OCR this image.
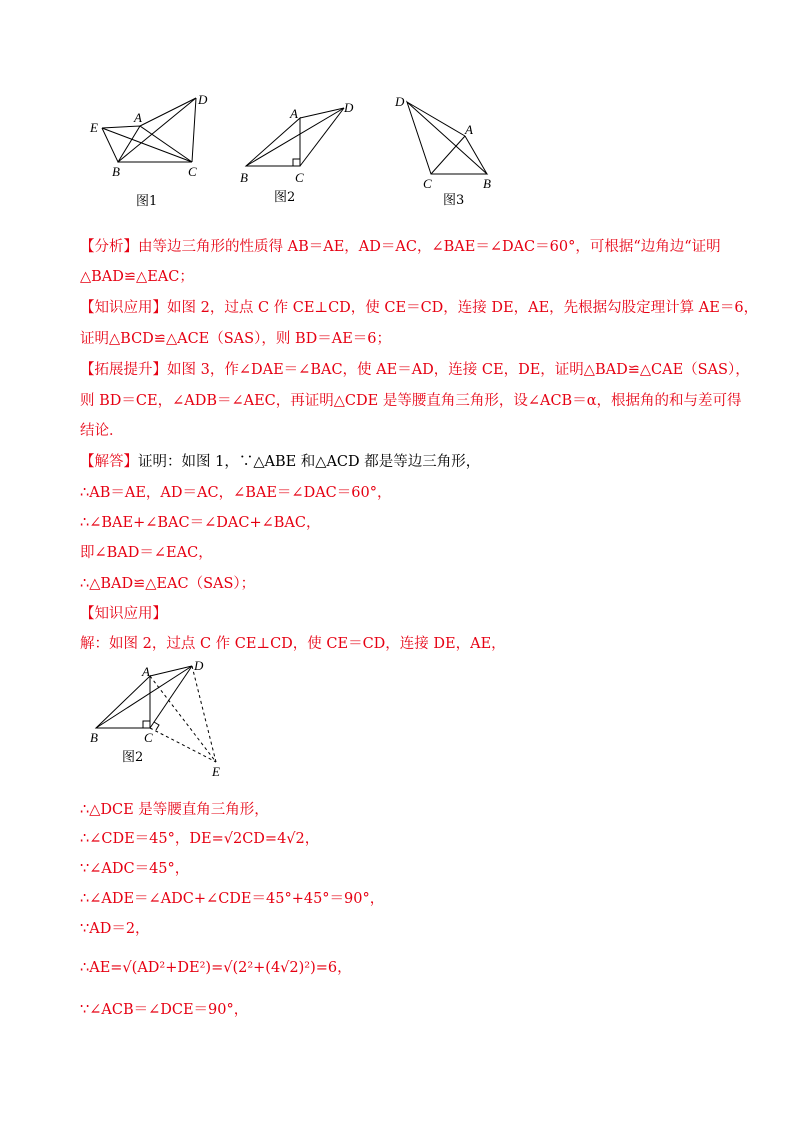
E
A
D
B	C
图1
A	D
B	C
图2
D
A
C	B
图3
【分析】由等边三角形的性质得 AB＝AE，AD＝AC，∠BAE＝∠DAC＝60°，可根据“边角边“证明
△BAD≌△EAC；
【知识应用】如图 2，过点 C 作 CE⊥CD，使 CE＝CD，连接 DE，AE，先根据勾股定理计算 AE＝6，
证明△BCD≌△ACE（SAS），则 BD＝AE＝6；
【拓展提升】如图 3，作∠DAE＝∠BAC，使 AE＝AD，连接 CE，DE，证明△BAD≌△CAE（SAS），
则 BD＝CE，∠ADB＝∠AEC，再证明△CDE 是等腰直角三角形，设∠ACB＝α，根据角的和与差可得
结论．
【解答】证明：如图 1，∵△ABE 和△ACD 都是等边三角形，
∴AB＝AE，AD＝AC，∠BAE＝∠DAC＝60°，
∴∠BAE+∠BAC＝∠DAC+∠BAC，
即∠BAD＝∠EAC，
∴△BAD≌△EAC（SAS）；
【知识应用】
解：如图 2，过点 C 作 CE⊥CD，使 CE＝CD，连接 DE，AE，
A	D
B	C
E
图2
∴△DCE 是等腰直角三角形，
∴∠CDE＝45°，DE=√2CD=4√2，
∵∠ADC＝45°，
∴∠ADE＝∠ADC+∠CDE＝45°+45°＝90°，
∵AD＝2，
∴AE=√(AD²+DE²)=√(2²+(4√2)²)=6，
∵∠ACB＝∠DCE＝90°，
